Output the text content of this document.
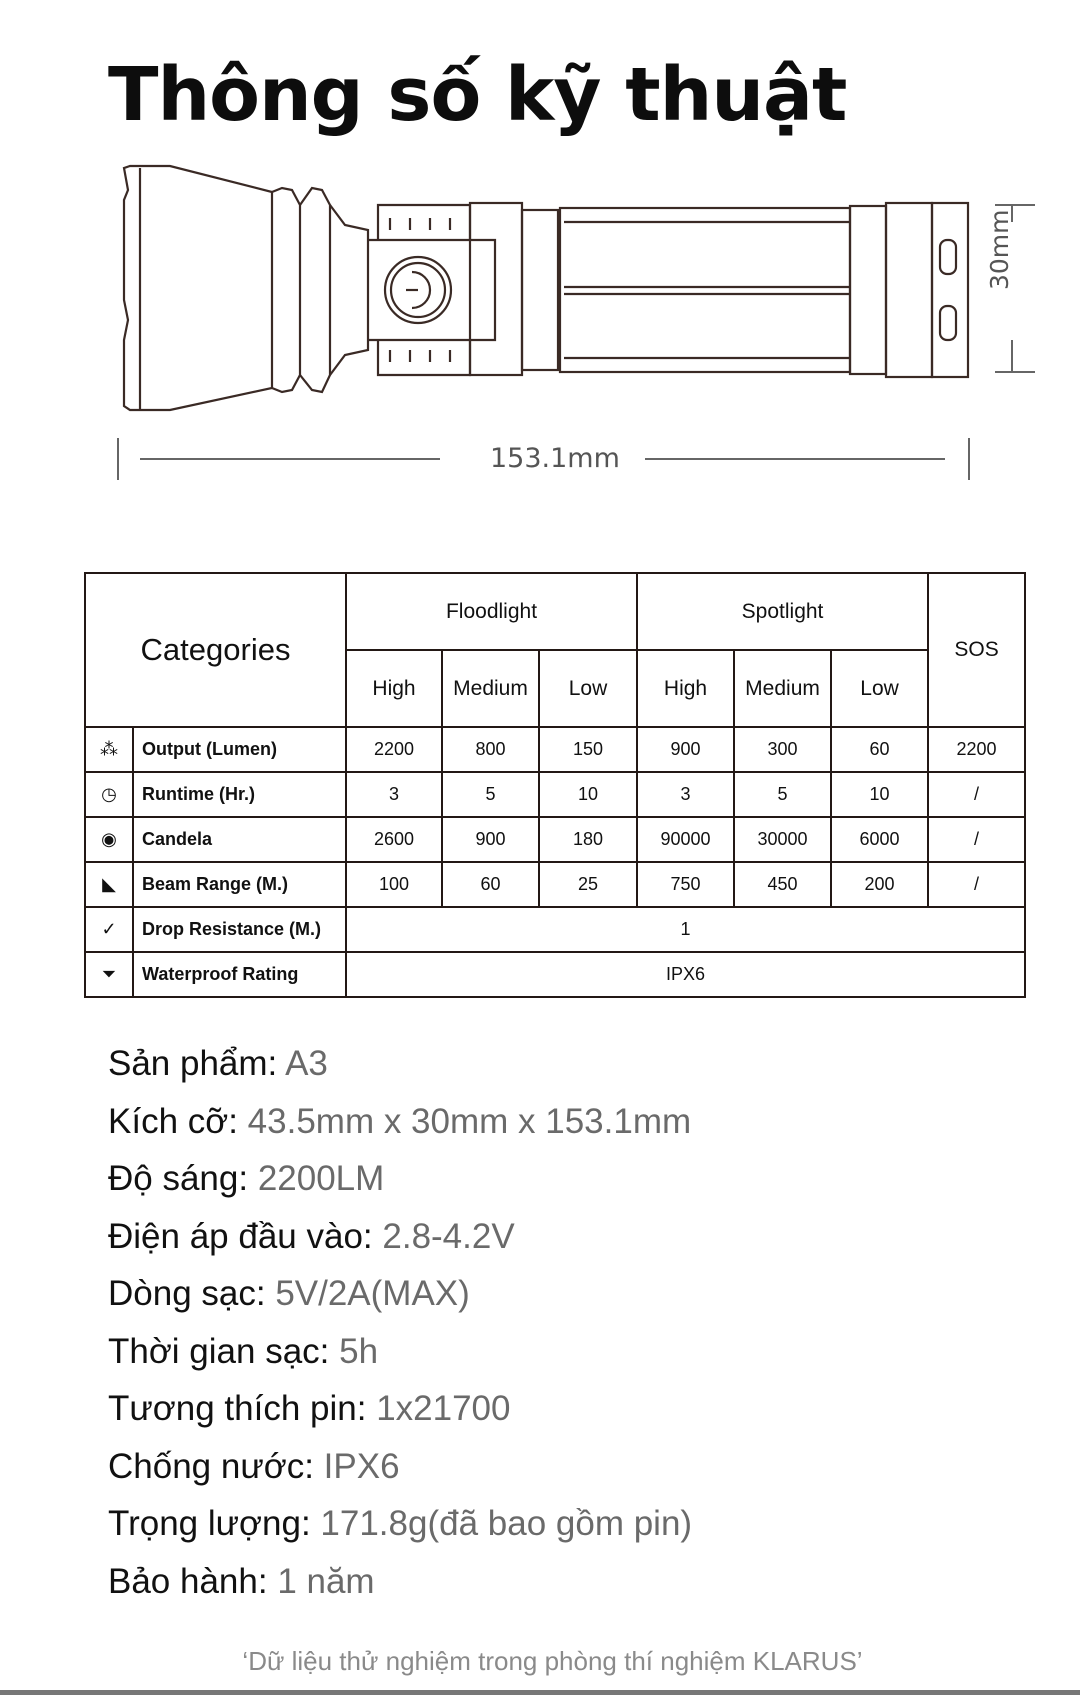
Thông số kỹ thuật
153.1mm
30mm
Categories		Floodlight			Spotlight			SOS
		High	Medium	Low	High	Medium	Low	
⁂	Output (Lumen)	2200	800	150	900	300	60	2200
◷	Runtime (Hr.)	3	5	10	3	5	10	/
◉	Candela	2600	900	180	90000	30000	6000	/
◣	Beam Range (M.)	100	60	25	750	450	200	/
✓	Drop Resistance (M.)	1						
⏷	Waterproof Rating	IPX6						
Sản phẩm: A3
Kích cỡ: 43.5mm x 30mm x 153.1mm
Độ sáng: 2200LM
Điện áp đầu vào: 2.8-4.2V
Dòng sạc: 5V/2A(MAX)
Thời gian sạc: 5h
Tương thích pin: 1x21700
Chống nước: IPX6
Trọng lượng: 171.8g(đã bao gồm pin)
Bảo hành: 1 năm
‘Dữ liệu thử nghiệm trong phòng thí nghiệm KLARUS’
